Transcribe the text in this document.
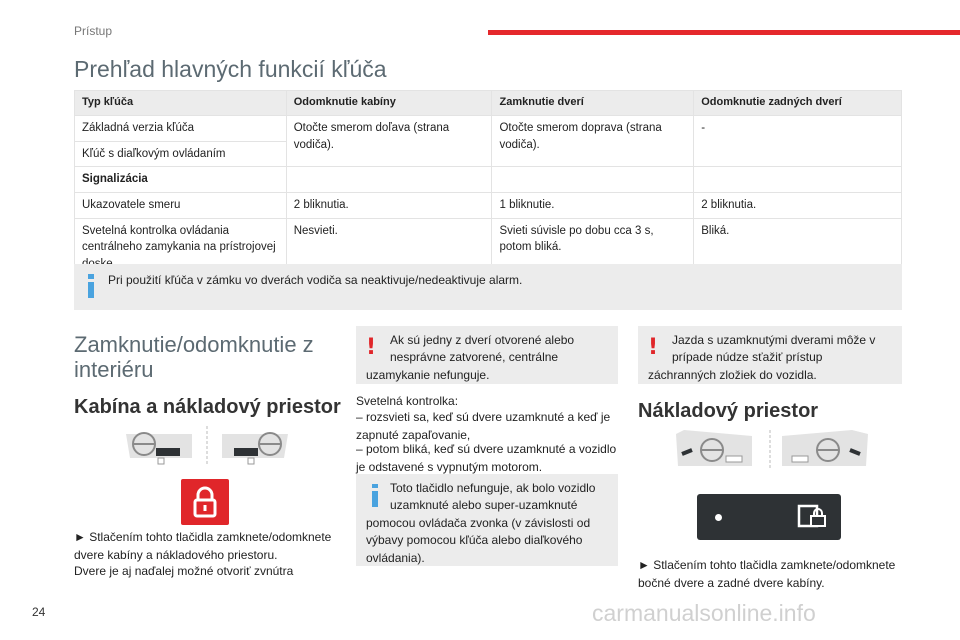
Prístup
Prehľad hlavných funkcií kľúča
Typ kľúča	Odomknutie kabíny	Zamknutie dverí	Odomknutie zadných dverí
Základná verzia kľúča	Otočte smerom doľava (strana vodiča).	Otočte smerom doprava (strana vodiča).	-
Kľúč s diaľkovým ovládaním			
Signalizácia			
Ukazovatele smeru	2 bliknutia.	1 bliknutie.	2 bliknutia.
Svetelná kontrolka ovládania centrálneho zamykania na prístrojovej	Nesvieti.	Svieti súvisle po dobu cca 3 s, potom bliká.	Bliká.
Pri použití kľúča v zámku vo dverách vodiča sa neaktivuje/nedeaktivuje alarm.
Zamknutie/odomknutie z interiéru
Kabína a nákladový priestor
► Stlačením tohto tlačidla zamknete/odomknete dvere kabíny a nákladového priestoru.
Dvere je aj naďalej možné otvoriť zvnútra
!	Ak sú jedny z dverí otvorené alebo nesprávne zatvorené, centrálne uzamykanie nefunguje.
Svetelná kontrolka:
– rozsvieti sa, keď sú dvere uzamknuté a keď je zapnuté zapaľovanie,
– potom bliká, keď sú dvere uzamknuté a vozidlo je odstavené s vypnutým motorom.
Toto tlačidlo nefunguje, ak bolo vozidlo uzamknuté alebo super-uzamknuté pomocou ovládača zvonka (v závislosti od výbavy pomocou kľúča alebo diaľkového ovládania).
!	Jazda s uzamknutými dverami môže v prípade núdze sťažiť prístup záchranných zložiek do vozidla.
Nákladový priestor
► Stlačením tohto tlačidla zamknete/odomknete bočné dvere a zadné dvere kabíny.
24	carmanualsonline.info
